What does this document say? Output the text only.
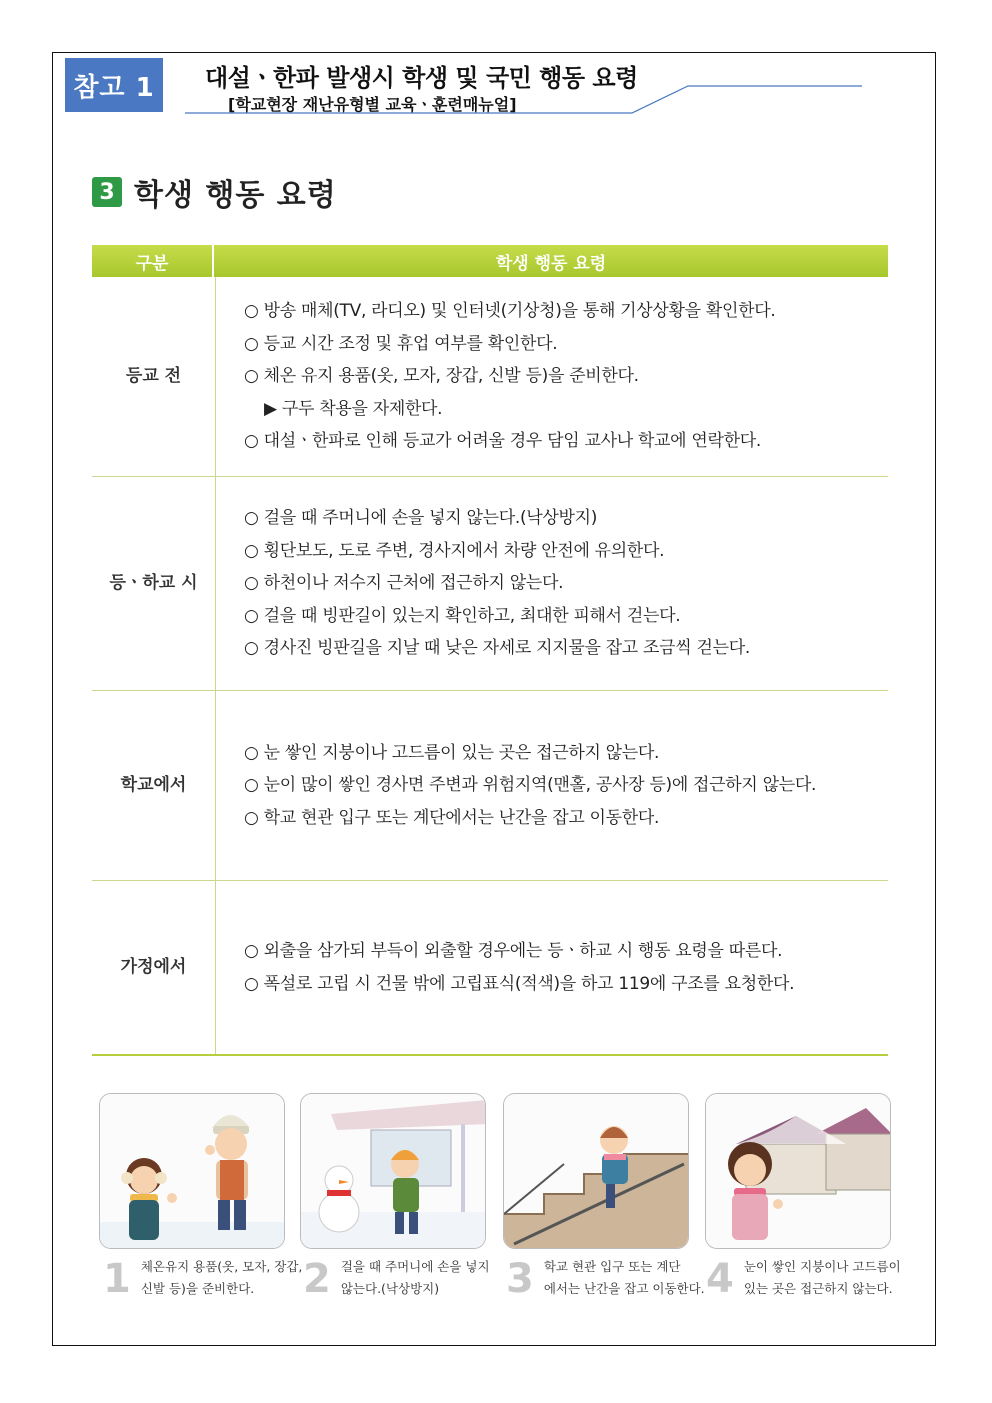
참고 1	대설ㆍ한파 발생시 학생 및 국민 행동 요령
[학교현장 재난유형별 교육ㆍ훈련매뉴얼]
3 학생 행동 요령
구분	학생 행동 요령
등교 전
○ 방송 매체(TV, 라디오) 및 인터넷(기상청)을 통해 기상상황을 확인한다.
○ 등교 시간 조정 및 휴업 여부를 확인한다.
○ 체온 유지 용품(옷, 모자, 장갑, 신발 등)을 준비한다.
▶ 구두 착용을 자제한다.
○ 대설ㆍ한파로 인해 등교가 어려울 경우 담임 교사나 학교에 연락한다.
등ㆍ하교 시
○ 걸을 때 주머니에 손을 넣지 않는다.(낙상방지)
○ 횡단보도, 도로 주변, 경사지에서 차량 안전에 유의한다.
○ 하천이나 저수지 근처에 접근하지 않는다.
○ 걸을 때 빙판길이 있는지 확인하고, 최대한 피해서 걷는다.
○ 경사진 빙판길을 지날 때 낮은 자세로 지지물을 잡고 조금씩 걷는다.
학교 에서
○ 눈 쌓인 지붕이나 고드름이 있는 곳은 접근하지 않는다.
○ 눈이 많이 쌓인 경사면 주변과 위험지역(맨홀, 공사장 등)에 접근하지 않는다.
○ 학교 현관 입구 또는 계단에서는 난간을 잡고 이동한다.
가정 에서
○ 외출을 삼가되 부득이 외출할 경우에는 등ㆍ하교 시 행동 요령을 따른다.
○ 폭설로 고립 시 건물 밖에 고립표식(적색)을 하고 119에 구조를 요청한다.
1 체온유지 용품(옷, 모자, 장갑,
신발 등)을 준비한다.	2 걸을 때 주머니에 손을 넣지
않는다.(낙상방지)	3 학교 현관 입구 또는 계단
에서는 난간을 잡고 이동한다. 4 눈이 쌓인 지붕이나 고드름이
있는 곳은 접근하지 않는다.
